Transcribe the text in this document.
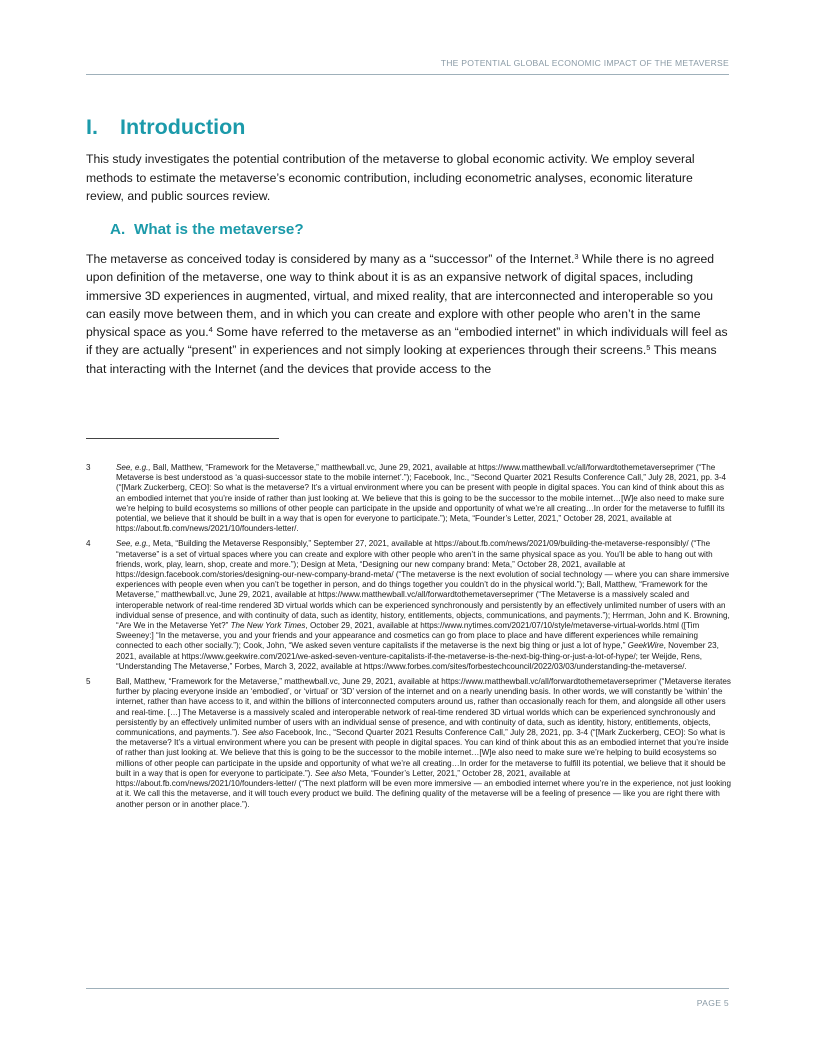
THE POTENTIAL GLOBAL ECONOMIC IMPACT OF THE METAVERSE
I. Introduction

This study investigates the potential contribution of the metaverse to global economic activity. We employ several methods to estimate the metaverse’s economic contribution, including econometric analyses, economic literature review, and public sources review.

A. What is the metaverse?

The metaverse as conceived today is considered by many as a “successor” of the Internet.$^3$ While there is no agreed upon definition of the metaverse, one way to think about it is as an expansive network of digital spaces, including immersive 3D experiences in augmented, virtual, and mixed reality, that are interconnected and interoperable so you can easily move between them, and in which you can create and explore with other people who aren’t in the same physical space as you.$^4$ Some have referred to the metaverse as an “embodied internet” in which individuals will feel as if they are actually “present” in experiences and not simply looking at experiences through their screens.$^5$ This means that interacting with the Internet (and the devices that provide access to the

3	See, e.g., Ball, Matthew, “Framework for the Metaverse,” matthewball.vc, June 29, 2021, available at https://www.matthewball.vc/all/forwardtothemetaverseprimer (“The Metaverse is best understood as ‘a quasi-successor state to the mobile internet’.”); Facebook, Inc., “Second Quarter 2021 Results Conference Call,” July 28, 2021, pp. 3-4 (“[Mark Zuckerberg, CEO]: So what is the metaverse? It’s a virtual environment where you can be present with people in digital spaces. You can kind of think about this as an embodied internet that you’re inside of rather than just looking at. We believe that this is going to be the successor to the mobile internet…[W]e also need to make sure we’re helping to build ecosystems so millions of other people can participate in the upside and opportunity of what we’re all creating…In order for the metaverse to fulfill its potential, we believe that it should be built in a way that is open for everyone to participate.”); Meta, “Founder’s Letter, 2021,” October 28, 2021, available at https://about.fb.com/news/2021/10/founders-letter/.

4	See, e.g., Meta, “Building the Metaverse Responsibly,” September 27, 2021, available at https://about.fb.com/news/2021/09/building-the-metaverse-responsibly/ (“The “metaverse” is a set of virtual spaces where you can create and explore with other people who aren’t in the same physical space as you. You’ll be able to hang out with friends, work, play, learn, shop, create and more.”); Design at Meta, “Designing our new company brand: Meta,” October 28, 2021, available at https://design.facebook.com/stories/designing-our-new-company-brand-meta/ (“The metaverse is the next evolution of social technology — where you can share immersive experiences with people even when you can’t be together in person, and do things together you couldn’t do in the physical world.”); Ball, Matthew, “Framework for the Metaverse,” matthewball.vc, June 29, 2021, available at https://www.matthewball.vc/all/forwardtothemetaverseprimer (“The Metaverse is a massively scaled and interoperable network of real-time rendered 3D virtual worlds which can be experienced synchronously and persistently by an effectively unlimited number of users with an individual sense of presence, and with continuity of data, such as identity, history, entitlements, objects, communications, and payments.”); Herrman, John and K. Browning, “Are We in the Metaverse Yet?” The New York Times, October 29, 2021, available at https://www.nytimes.com/2021/07/10/style/metaverse-virtual-worlds.html ([Tim Sweeney:] “In the metaverse, you and your friends and your appearance and cosmetics can go from place to place and have different experiences while remaining connected to each other socially.”); Cook, John, “We asked seven venture capitalists if the metaverse is the next big thing or just a lot of hype,” GeekWire, November 23, 2021, available at https://www.geekwire.com/2021/we-asked-seven-venture-capitalists-if-the-metaverse-is-the-next-big-thing-or-just-a-lot-of-hype/; ter Weijde, Rens, “Understanding The Metaverse,” Forbes, March 3, 2022, available at https://www.forbes.com/sites/forbestechcouncil/2022/03/03/understanding-the-metaverse/.

5	Ball, Matthew, “Framework for the Metaverse,” matthewball.vc, June 29, 2021, available at https://www.matthewball.vc/all/forwardtothemetaverseprimer (“Metaverse iterates further by placing everyone inside an ‘embodied’, or ‘virtual’ or ‘3D’ version of the internet and on a nearly unending basis. In other words, we will constantly be ‘within’ the internet, rather than have access to it, and within the billions of interconnected computers around us, rather than occasionally reach for them, and alongside all other users and real-time. […] The Metaverse is a massively scaled and interoperable network of real-time rendered 3D virtual worlds which can be experienced synchronously and persistently by an effectively unlimited number of users with an individual sense of presence, and with continuity of data, such as identity, history, entitlements, objects, communications, and payments.”). See also Facebook, Inc., “Second Quarter 2021 Results Conference Call,” July 28, 2021, pp. 3-4 (“[Mark Zuckerberg, CEO]: So what is the metaverse? It’s a virtual environment where you can be present with people in digital spaces. You can kind of think about this as an embodied internet that you’re inside of rather than just looking at. We believe that this is going to be the successor to the mobile internet…[W]e also need to make sure we’re helping to build ecosystems so millions of other people can participate in the upside and opportunity of what we’re all creating…In order for the metaverse to fulfill its potential, we believe that it should be built in a way that is open for everyone to participate.”). See also Meta, “Founder’s Letter, 2021,” October 28, 2021, available at https://about.fb.com/news/2021/10/founders-letter/ (“The next platform will be even more immersive — an embodied internet where you’re in the experience, not just looking at it. We call this the metaverse, and it will touch every product we build. The defining quality of the metaverse will be a feeling of presence — like you are right there with another person or in another place.”).

PAGE 5
